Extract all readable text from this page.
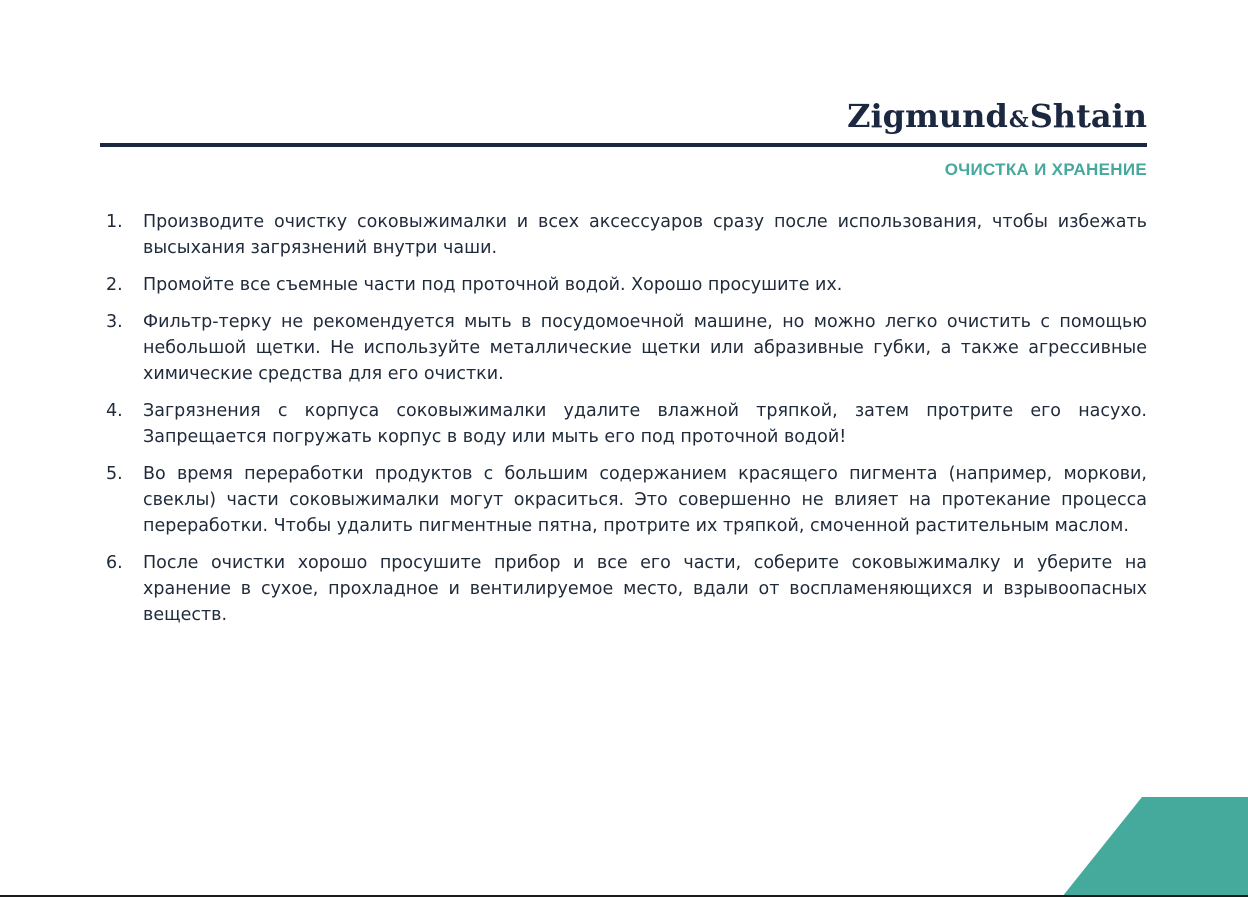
Zigmund&Shtain
ОЧИСТКА И ХРАНЕНИЕ
1.	Производите очистку соковыжималки и всех аксессуаров сразу после использования, чтобы избежать высыхания загрязнений внутри чаши.
2.	Промойте все съемные части под проточной водой. Хорошо просушите их.
3.	Фильтр-терку не рекомендуется мыть в посудомоечной машине, но можно легко очистить с помощью небольшой щетки. Не используйте металлические щетки или абразивные губки, а также агрессивные химические средства для его очистки.
4.	Загрязнения с корпуса соковыжималки удалите влажной тряпкой, затем протрите его насухо. Запрещается погружать корпус в воду или мыть его под проточной водой!
5.	Во время переработки продуктов с большим содержанием красящего пигмента (например, моркови, свеклы) части соковыжималки могут окраситься. Это совершенно не влияет на протекание процесса переработки. Чтобы удалить пигментные пятна, протрите их тряпкой, смоченной растительным маслом.
6.	После очистки хорошо просушите прибор и все его части, соберите соковыжималку и уберите на хранение в сухое, прохладное и вентилируемое место, вдали от воспламеняющихся и взрывоопасных веществ.
